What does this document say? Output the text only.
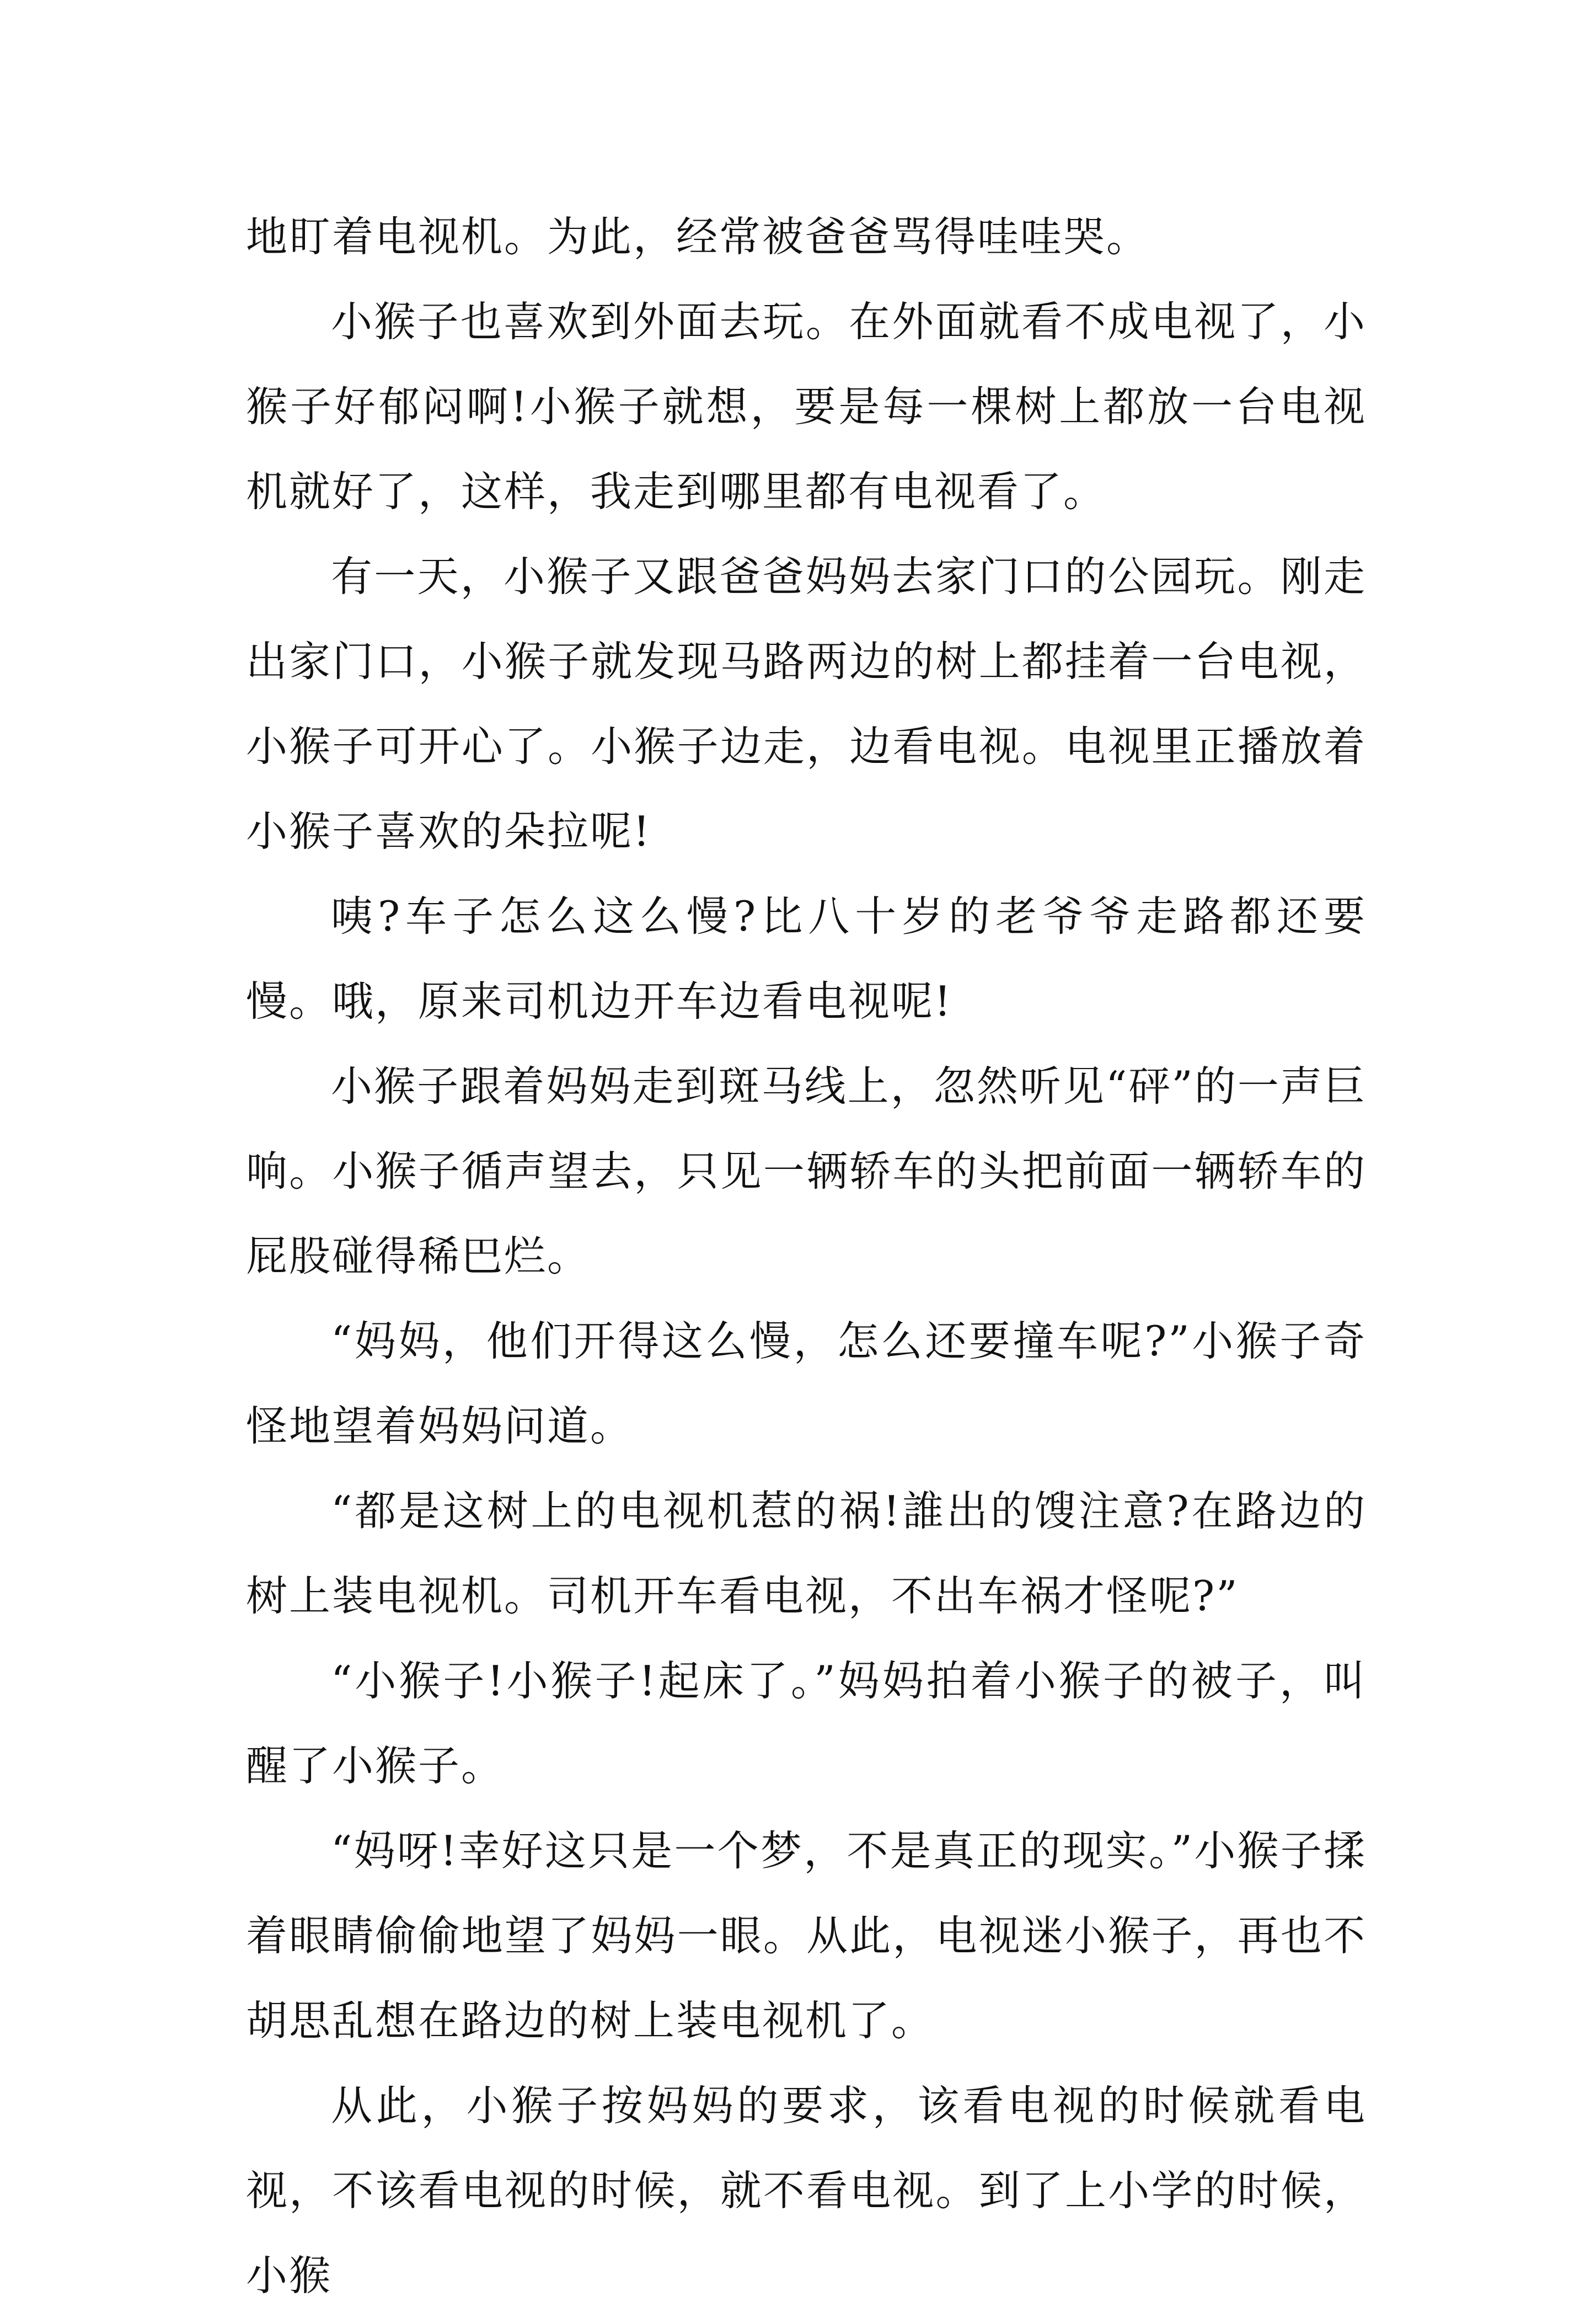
地盯着电视机。为此，经常被爸爸骂得哇哇哭。

小猴子也喜欢到外面去玩。在外面就看不成电视了，小猴子好郁闷啊!小猴子就想，要是每一棵树上都放一台电视机就好了，这样，我走到哪里都有电视看了。

有一天，小猴子又跟爸爸妈妈去家门口的公园玩。刚走出家门口，小猴子就发现马路两边的树上都挂着一台电视，小猴子可开心了。小猴子边走，边看电视。电视里正播放着小猴子喜欢的朵拉呢!

咦?车子怎么这么慢?比八十岁的老爷爷走路都还要慢。哦，原来司机边开车边看电视呢!

小猴子跟着妈妈走到斑马线上，忽然听见“砰”的一声巨响。小猴子循声望去，只见一辆轿车的头把前面一辆轿车的屁股碰得稀巴烂。

“妈妈，他们开得这么慢，怎么还要撞车呢?”小猴子奇怪地望着妈妈问道。

“都是这树上的电视机惹的祸!誰出的馊注意?在路边的树上装电视机。司机开车看电视，不出车祸才怪呢?”

“小猴子!小猴子!起床了。”妈妈拍着小猴子的被子，叫醒了小猴子。

“妈呀!幸好这只是一个梦，不是真正的现实。”小猴子揉着眼睛偷偷地望了妈妈一眼。从此，电视迷小猴子，再也不胡思乱想在路边的树上装电视机了。

从此，小猴子按妈妈的要求，该看电视的时候就看电视，不该看电视的时候，就不看电视。到了上小学的时候，小猴
